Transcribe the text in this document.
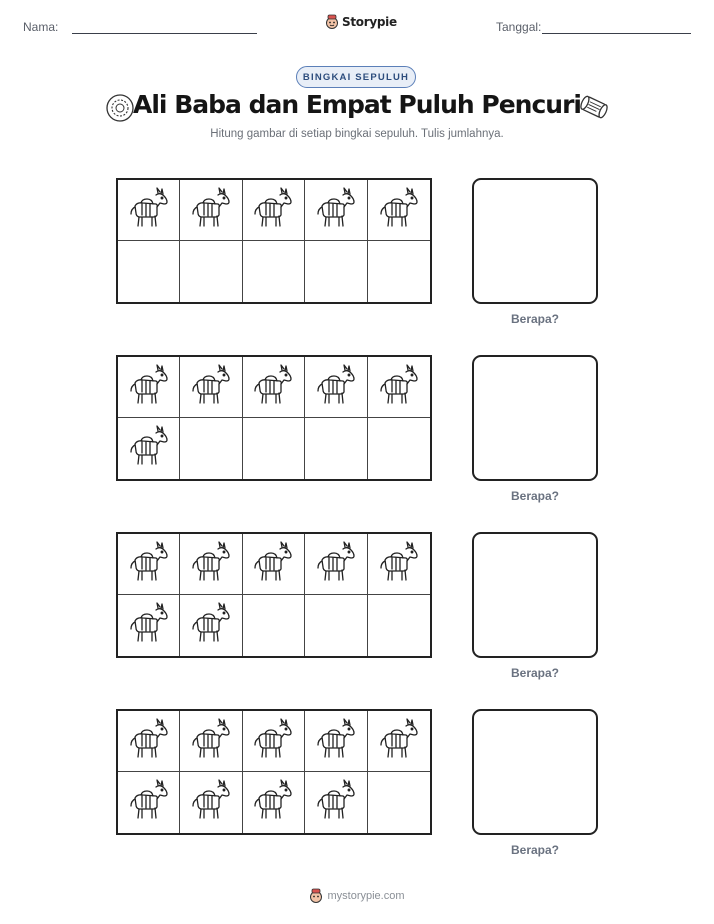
Nama:	Storypie	Tanggal:
BINGKAI SEPULUH
Ali Baba dan Empat Puluh Pencuri
Hitung gambar di setiap bingkai sepuluh. Tulis jumlahnya.
Berapa?
Berapa?
Berapa?
Berapa?
mystorypie.com
